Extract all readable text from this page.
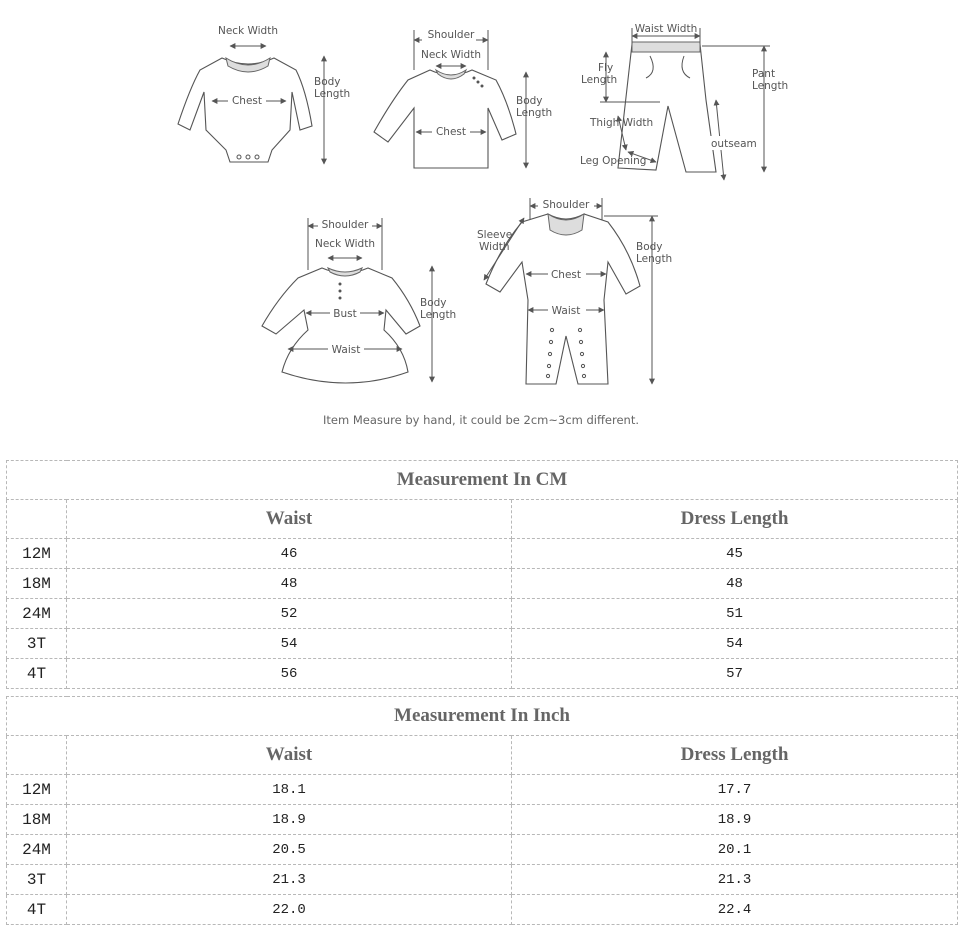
Neck Width
Chest
Body
Length
Shoulder
Neck Width
Chest
Body
Length
Waist Width
Fly
Length	Pant
Length
Thigh Width
outseam
Leg Opening
Shoulder
Neck Width
Bust
Waist
Body
Length
Shoulder
Sleeve
Width
Chest
Waist
Body
Length
Item Measure by hand, it could be 2cm~3cm different.
Measurement In CM		
	Waist	Dress Length
12M	46	45
18M	48	48
24M	52	51
3T	54	54
4T	56	57
Measurement In Inch		
	Waist	Dress Length
12M	18.1	17.7
18M	18.9	18.9
24M	20.5	20.1
3T	21.3	21.3
4T	22.0	22.4
